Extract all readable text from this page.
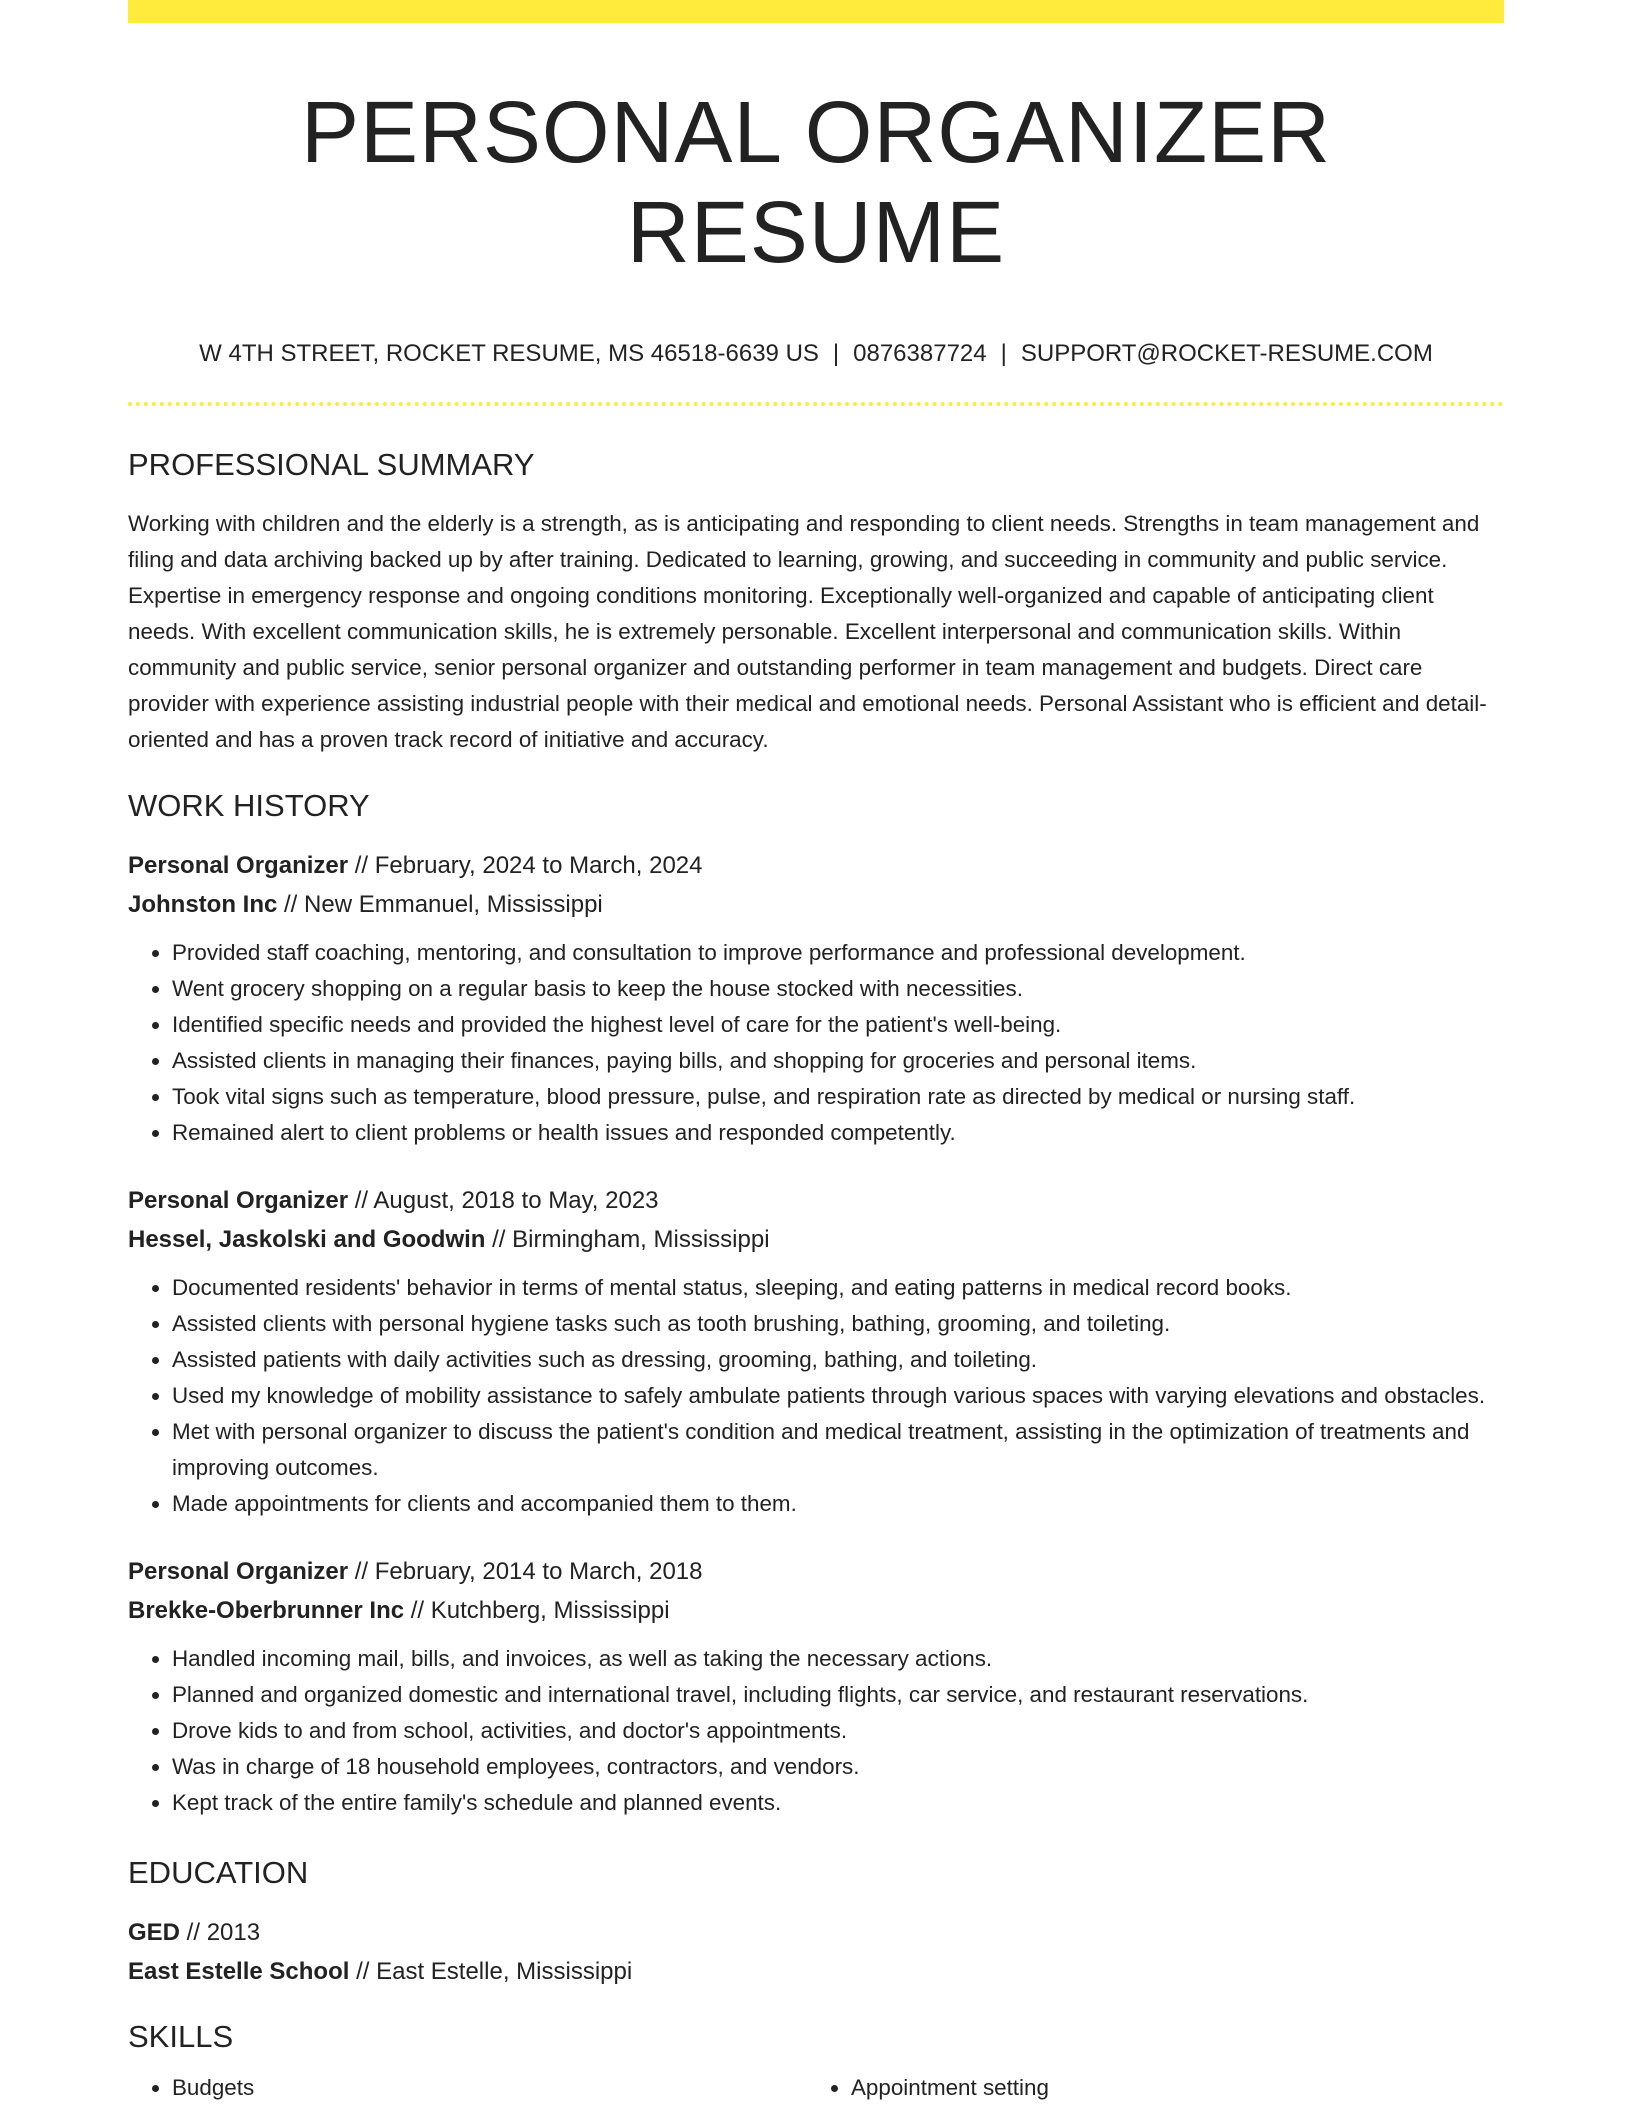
PERSONAL ORGANIZER RESUME
W 4TH STREET, ROCKET RESUME, MS 46518-6639 US | 0876387724 | SUPPORT@ROCKET-RESUME.COM
PROFESSIONAL SUMMARY

Working with children and the elderly is a strength, as is anticipating and responding to client needs. Strengths in team management and filing and data archiving backed up by after training. Dedicated to learning, growing, and succeeding in community and public service. Expertise in emergency response and ongoing conditions monitoring. Exceptionally well-organized and capable of anticipating client needs. With excellent communication skills, he is extremely personable. Excellent interpersonal and communication skills. Within community and public service, senior personal organizer and outstanding performer in team management and budgets. Direct care provider with experience assisting industrial people with their medical and emotional needs. Personal Assistant who is efficient and detail-oriented and has a proven track record of initiative and accuracy.

WORK HISTORY
Personal Organizer // February, 2024 to March, 2024
Johnston Inc // New Emmanuel, Mississippi
• Provided staff coaching, mentoring, and consultation to improve performance and professional development.
• Went grocery shopping on a regular basis to keep the house stocked with necessities.
• Identified specific needs and provided the highest level of care for the patient's well-being.
• Assisted clients in managing their finances, paying bills, and shopping for groceries and personal items.
• Took vital signs such as temperature, blood pressure, pulse, and respiration rate as directed by medical or nursing staff.
• Remained alert to client problems or health issues and responded competently.
Personal Organizer // August, 2018 to May, 2023
Hessel, Jaskolski and Goodwin // Birmingham, Mississippi
• Documented residents' behavior in terms of mental status, sleeping, and eating patterns in medical record books.
• Assisted clients with personal hygiene tasks such as tooth brushing, bathing, grooming, and toileting.
• Assisted patients with daily activities such as dressing, grooming, bathing, and toileting.
• Used my knowledge of mobility assistance to safely ambulate patients through various spaces with varying elevations and obstacles.
• Met with personal organizer to discuss the patient's condition and medical treatment, assisting in the optimization of treatments and improving outcomes.
• Made appointments for clients and accompanied them to them.
Personal Organizer // February, 2014 to March, 2018
Brekke-Oberbrunner Inc // Kutchberg, Mississippi
• Handled incoming mail, bills, and invoices, as well as taking the necessary actions.
• Planned and organized domestic and international travel, including flights, car service, and restaurant reservations.
• Drove kids to and from school, activities, and doctor's appointments.
• Was in charge of 18 household employees, contractors, and vendors.
• Kept track of the entire family's schedule and planned events.
EDUCATION
GED // 2013
East Estelle School // East Estelle, Mississippi
SKILLS
• Budgets
•	Appointment setting
